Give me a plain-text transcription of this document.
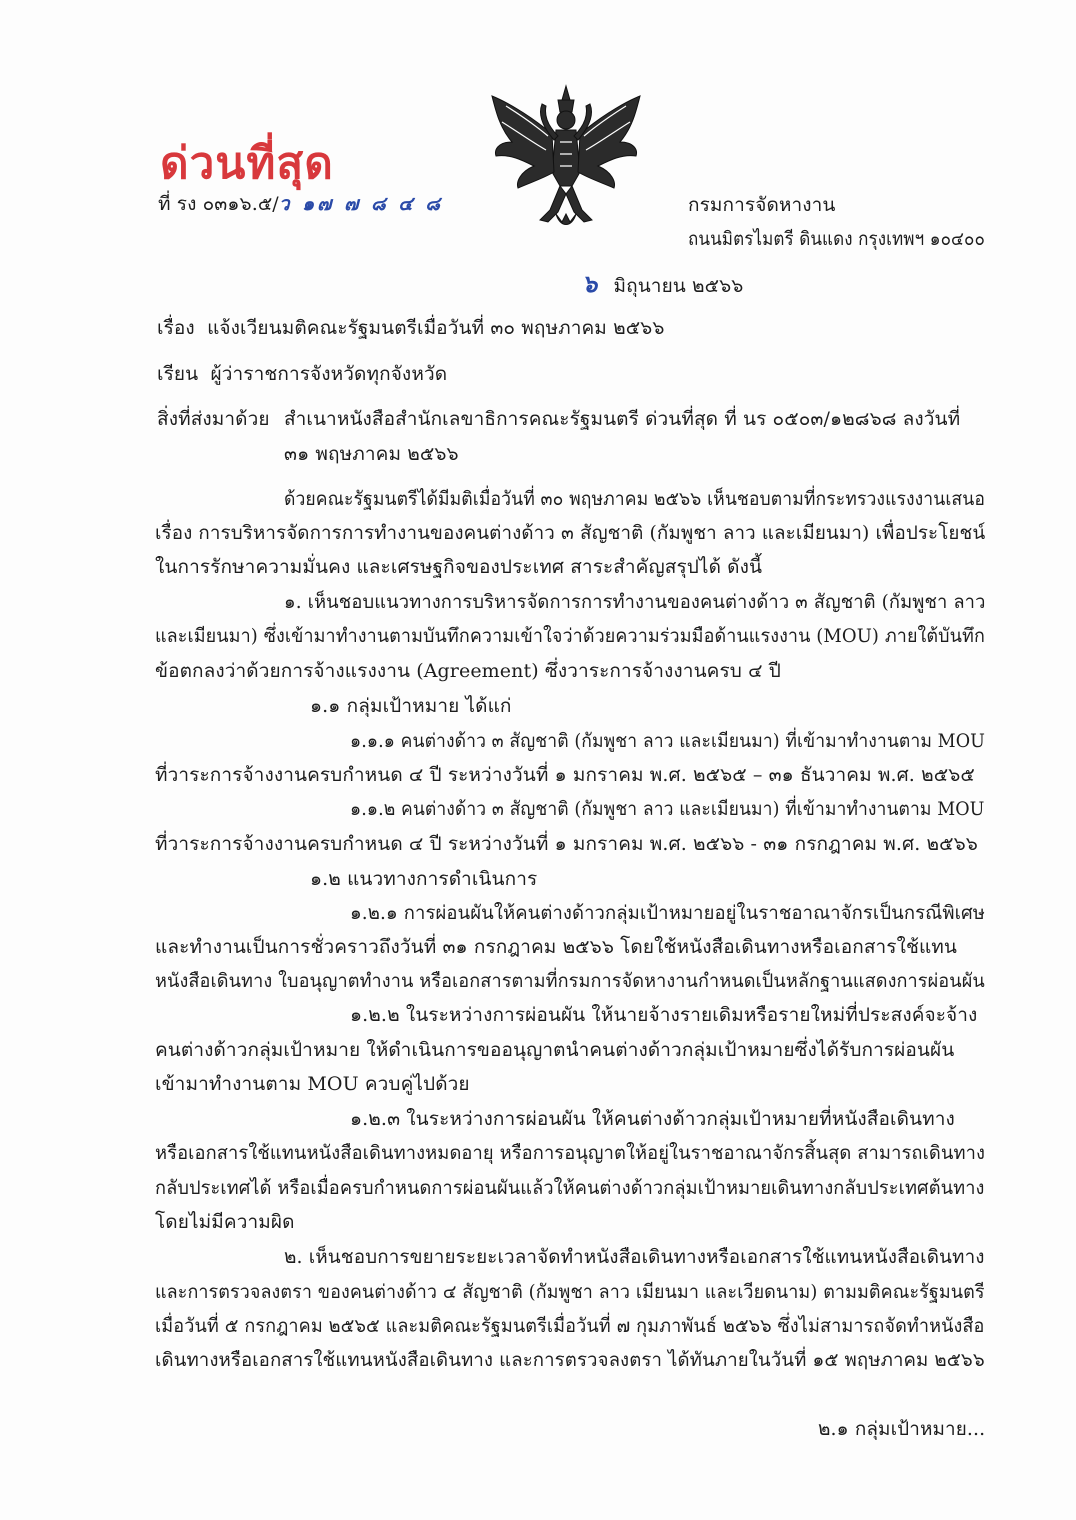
ด่วนที่สุด
ที่ รง ๐๓๑๖.๕/ว ๑๗ ๗ ๘ ๔ ๘	กรมการจัดหางาน
ถนนมิตรไมตรี ดินแดง กรุงเทพฯ ๑๐๔๐๐
๖ มิถุนายน ๒๕๖๖
เรื่อง แจ้งเวียนมติคณะรัฐมนตรีเมื่อวันที่ ๓๐ พฤษภาคม ๒๕๖๖
เรียน ผู้ว่าราชการจังหวัดทุกจังหวัด
สิ่งที่ส่งมาด้วย สำเนาหนังสือสำนักเลขาธิการคณะรัฐมนตรี ด่วนที่สุด ที่ นร ๐๕๐๓/๑๒๘๖๘ ลงวันที่
๓๑ พฤษภาคม ๒๕๖๖
ด้วยคณะรัฐมนตรีได้มีมติเมื่อวันที่ ๓๐ พฤษภาคม ๒๕๖๖ เห็นชอบตามที่กระทรวงแรงงานเสนอ
เรื่อง การบริหารจัดการการทำงานของคนต่างด้าว ๓ สัญชาติ (กัมพูชา ลาว และเมียนมา) เพื่อประโยชน์
ในการรักษาความมั่นคง และเศรษฐกิจของประเทศ สาระสำคัญสรุปได้ ดังนี้
๑. เห็นชอบแนวทางการบริหารจัดการการทำงานของคนต่างด้าว ๓ สัญชาติ (กัมพูชา ลาว
และเมียนมา) ซึ่งเข้ามาทำงานตามบันทึกความเข้าใจว่าด้วยความร่วมมือด้านแรงงาน (MOU) ภายใต้บันทึก
ข้อตกลงว่าด้วยการจ้างแรงงาน (Agreement) ซึ่งวาระการจ้างงานครบ ๔ ปี
๑.๑ กลุ่มเป้าหมาย ได้แก่
๑.๑.๑ คนต่างด้าว ๓ สัญชาติ (กัมพูชา ลาว และเมียนมา) ที่เข้ามาทำงานตาม MOU
ที่วาระการจ้างงานครบกำหนด ๔ ปี ระหว่างวันที่ ๑ มกราคม พ.ศ. ๒๕๖๕ – ๓๑ ธันวาคม พ.ศ. ๒๕๖๕
๑.๑.๒ คนต่างด้าว ๓ สัญชาติ (กัมพูชา ลาว และเมียนมา) ที่เข้ามาทำงานตาม MOU
ที่วาระการจ้างงานครบกำหนด ๔ ปี ระหว่างวันที่ ๑ มกราคม พ.ศ. ๒๕๖๖ - ๓๑ กรกฎาคม พ.ศ. ๒๕๖๖
๑.๒ แนวทางการดำเนินการ
๑.๒.๑ การผ่อนผันให้คนต่างด้าวกลุ่มเป้าหมายอยู่ในราชอาณาจักรเป็นกรณีพิเศษ
และทำงานเป็นการชั่วคราวถึงวันที่ ๓๑ กรกฎาคม ๒๕๖๖ โดยใช้หนังสือเดินทางหรือเอกสารใช้แทน
หนังสือเดินทาง ใบอนุญาตทำงาน หรือเอกสารตามที่กรมการจัดหางานกำหนดเป็นหลักฐานแสดงการผ่อนผัน
๑.๒.๒ ในระหว่างการผ่อนผัน ให้นายจ้างรายเดิมหรือรายใหม่ที่ประสงค์จะจ้าง
คนต่างด้าวกลุ่มเป้าหมาย ให้ดำเนินการขออนุญาตนำคนต่างด้าวกลุ่มเป้าหมายซึ่งได้รับการผ่อนผัน
เข้ามาทำงานตาม MOU ควบคู่ไปด้วย
๑.๒.๓ ในระหว่างการผ่อนผัน ให้คนต่างด้าวกลุ่มเป้าหมายที่หนังสือเดินทาง
หรือเอกสารใช้แทนหนังสือเดินทางหมดอายุ หรือการอนุญาตให้อยู่ในราชอาณาจักรสิ้นสุด สามารถเดินทาง
กลับประเทศได้ หรือเมื่อครบกำหนดการผ่อนผันแล้วให้คนต่างด้าวกลุ่มเป้าหมายเดินทางกลับประเทศต้นทาง
โดยไม่มีความผิด
๒. เห็นชอบการขยายระยะเวลาจัดทำหนังสือเดินทางหรือเอกสารใช้แทนหนังสือเดินทาง
และการตรวจลงตรา ของคนต่างด้าว ๔ สัญชาติ (กัมพูชา ลาว เมียนมา และเวียดนาม) ตามมติคณะรัฐมนตรี
เมื่อวันที่ ๕ กรกฎาคม ๒๕๖๕ และมติคณะรัฐมนตรีเมื่อวันที่ ๗ กุมภาพันธ์ ๒๕๖๖ ซึ่งไม่สามารถจัดทำหนังสือ
เดินทางหรือเอกสารใช้แทนหนังสือเดินทาง และการตรวจลงตรา ได้ทันภายในวันที่ ๑๕ พฤษภาคม ๒๕๖๖
๒.๑ กลุ่มเป้าหมาย...
